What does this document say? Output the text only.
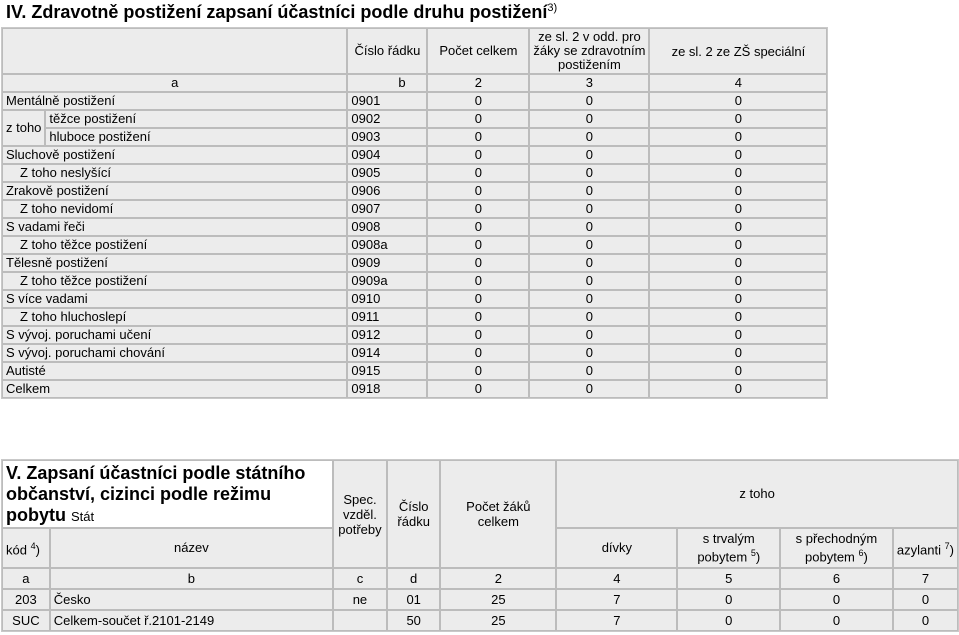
IV. Zdravotně postižení zapsaní účastníci podle druhu postižení$^{3)}$
		Číslo řádku	Počet celkem	ze sl. 2 v odd. pro žáky se zdravotním postižením	ze sl. 2 ze ZŠ speciální
a		b	2	3	4
Mentálně postižení		0901	0	0	0
z toho	těžce postižení	0902	0	0	0
	hluboce postižení	0903	0	0	0
Sluchově postižení		0904	0	0	0
Z toho neslyšící		0905	0	0	0
Zrakově postižení		0906	0	0	0
Z toho nevidomí		0907	0	0	0
S vadami řeči		0908	0	0	0
Z toho těžce postižení		0908a	0	0	0
Tělesně postižení		0909	0	0	0
Z toho těžce postižení		0909a	0	0	0
S více vadami		0910	0	0	0
Z toho hluchoslepí		0911	0	0	0
S vývoj. poruchami učení		0912	0	0	0
S vývoj. poruchami chování		0914	0	0	0
Autisté		0915	0	0	0
Celkem		0918	0	0	0
V. Zapsaní účastníci podle státního občanství, cizinci podle režimu pobytu Stát		Spec. vzděl. potřeby	Číslo řádku	Počet žáků celkem	z toho			
kód $^4$)	název				dívky	s trvalým pobytem $^5$)	s přechodným pobytem $^6$)	azylanti $^7$)
a	b	c	d	2	4	5	6	7
203	Česko	ne	01	25	7	0	0	0
SUC	Celkem-součet ř.2101-2149		50	25	7	0	0	0
